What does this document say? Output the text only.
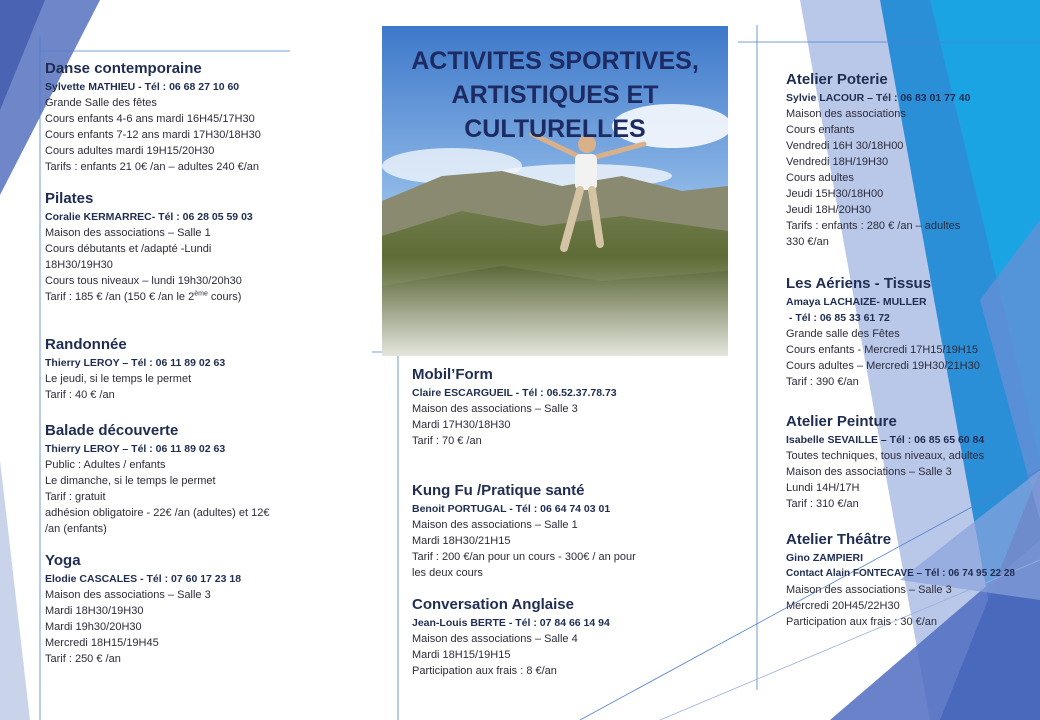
ACTIVITES SPORTIVES,
ARTISTIQUES ET
CULTURELLES
Danse contemporaine
Sylvette MATHIEU - Tél : 06 68 27 10 60
Grande Salle des fêtes
Cours enfants 4-6 ans mardi 16H45/17H30
Cours enfants 7-12 ans mardi 17H30/18H30
Cours adultes mardi 19H15/20H30
Tarifs : enfants 21 0€ /an – adultes 240 €/an
Pilates
Coralie KERMARREC- Tél : 06 28 05 59 03
Maison des associations – Salle 1
Cours débutants et /adapté -Lundi
18H30/19H30
Cours tous niveaux – lundi 19h30/20h30
Tarif : 185 € /an (150 € /an le 2ème cours)
Randonnée
Thierry LEROY – Tél : 06 11 89 02 63
Le jeudi, si le temps le permet
Tarif : 40 € /an
Balade découverte
Thierry LEROY – Tél : 06 11 89 02 63
Public : Adultes / enfants
Le dimanche, si le temps le permet
Tarif : gratuit
adhésion obligatoire - 22€ /an (adultes) et 12€
/an (enfants)
Yoga
Elodie CASCALES - Tél : 07 60 17 23 18
Maison des associations – Salle 3
Mardi 18H30/19H30
Mardi 19h30/20H30
Mercredi 18H15/19H45
Tarif : 250 € /an
Mobil’Form
Claire ESCARGUEIL - Tél : 06.52.37.78.73
Maison des associations – Salle 3
Mardi 17H30/18H30
Tarif : 70 € /an
Kung Fu /Pratique santé
Benoit PORTUGAL - Tél : 06 64 74 03 01
Maison des associations – Salle 1
Mardi 18H30/21H15
Tarif : 200 €/an pour un cours - 300€ / an pour
les deux cours
Conversation Anglaise
Jean-Louis BERTE - Tél : 07 84 66 14 94
Maison des associations – Salle 4
Mardi 18H15/19H15
Participation aux frais : 8 €/an
Atelier Poterie
Sylvie LACOUR – Tél : 06 83 01 77 40
Maison des associations
Cours enfants
Vendredi 16H 30/18H00
Vendredi 18H/19H30
Cours adultes
Jeudi 15H30/18H00
Jeudi 18H/20H30
Tarifs : enfants : 280 € /an – adultes
330 €/an
Les Aériens - Tissus
Amaya LACHAIZE- MULLER
- Tél : 06 85 33 61 72
Grande salle des Fêtes
Cours enfants - Mercredi 17H15/19H15
Cours adultes – Mercredi 19H30/21H30
Tarif : 390 €/an
Atelier Peinture
Isabelle SEVAILLE – Tél : 06 85 65 60 84
Toutes techniques, tous niveaux, adultes
Maison des associations – Salle 3
Lundi 14H/17H
Tarif : 310 €/an
Atelier Théâtre
Gino ZAMPIERI
Contact Alain FONTECAVE – Tél : 06 74 95 22 28
Maison des associations – Salle 3
Mercredi 20H45/22H30
Participation aux frais : 30 €/an
